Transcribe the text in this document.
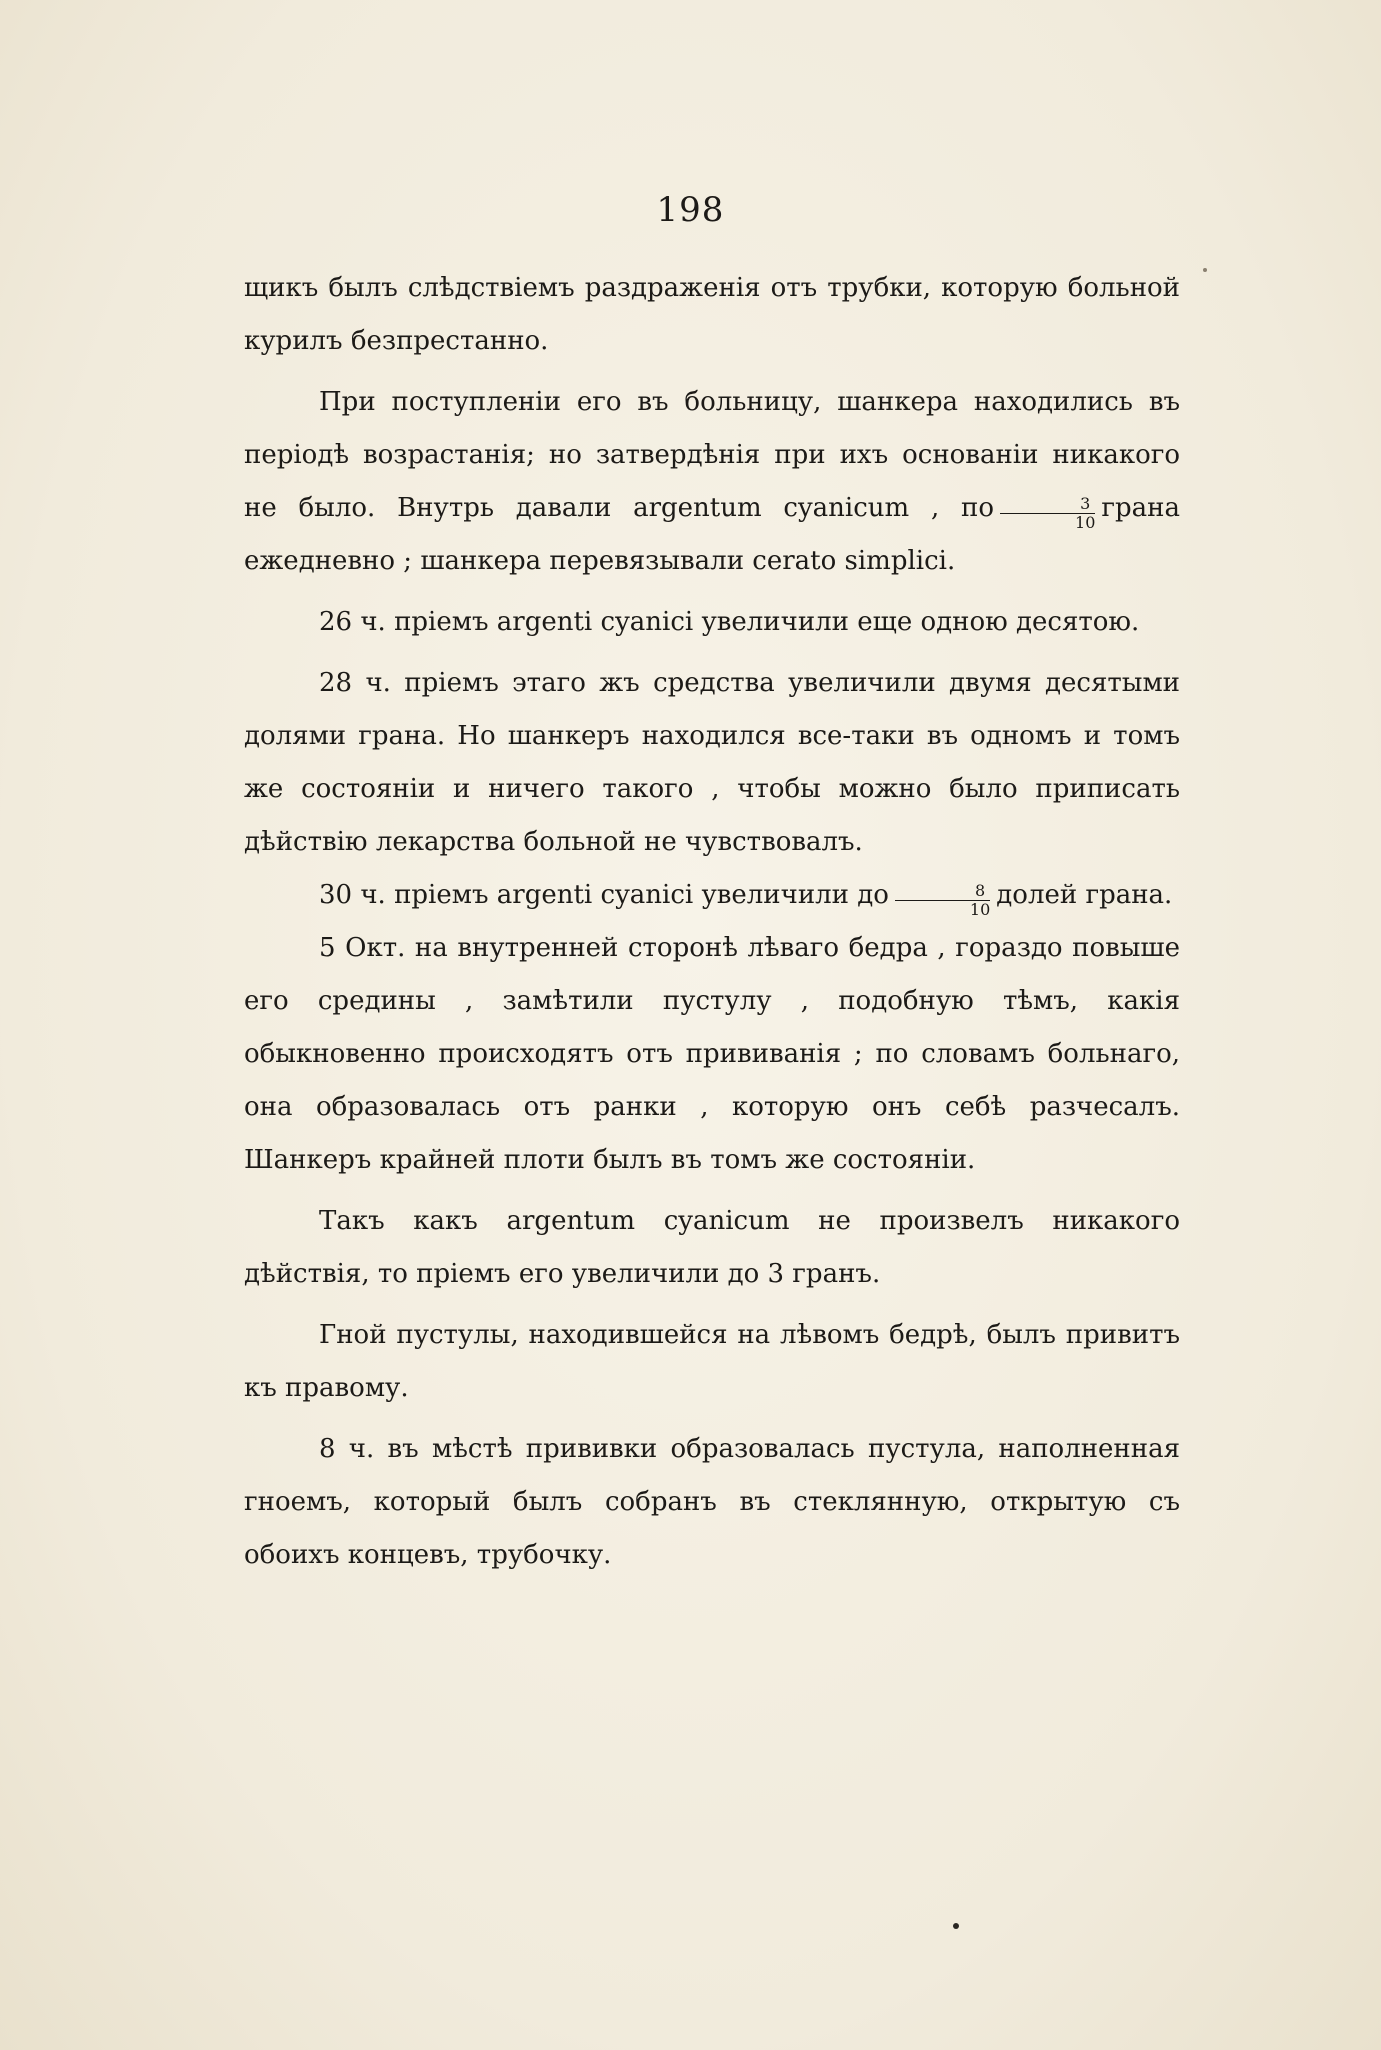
198

щикъ былъ слѣдствіемъ раздраженія отъ трубки, которую больной курилъ безпрестанно.

При поступленіи его въ больницу, шанкера находились въ періодѣ возрастанія; но затвердѣнія при ихъ основаніи никакого не было. Внутрь давали argentum cyanicum , по $\frac{3}{10}$ грана ежедневно ; шанкера перевязывали cerato simplici.

26 ч. пріемъ argenti cyanici увеличили еще одною десятою.

28 ч. пріемъ этаго жъ средства увеличили двумя десятыми долями грана. Но шанкеръ находился все-таки въ одномъ и томъ же состояніи и ничего такого , чтобы можно было приписать дѣйствію лекарства больной не чувствовалъ.

30 ч. пріемъ argenti cyanici увеличили до $\frac{8}{10}$ долей грана.

5 Окт. на внутренней сторонѣ лѣваго бедра , гораздо повыше его средины , замѣтили пустулу , подобную тѣмъ, какія обыкновенно происходятъ отъ прививанія ; по словамъ больнаго, она образовалась отъ ранки , которую онъ себѣ разчесалъ. Шанкеръ крайней плоти былъ въ томъ же состояніи.

Такъ какъ argentum cyanicum не произвелъ никакого дѣйствія, то пріемъ его увеличили до 3 гранъ.

Гной пустулы, находившейся на лѣвомъ бедрѣ, былъ привитъ къ правому.

8 ч. въ мѣстѣ прививки образовалась пустула, наполненная гноемъ, который былъ собранъ въ стеклянную, открытую съ обоихъ концевъ, трубочку.
